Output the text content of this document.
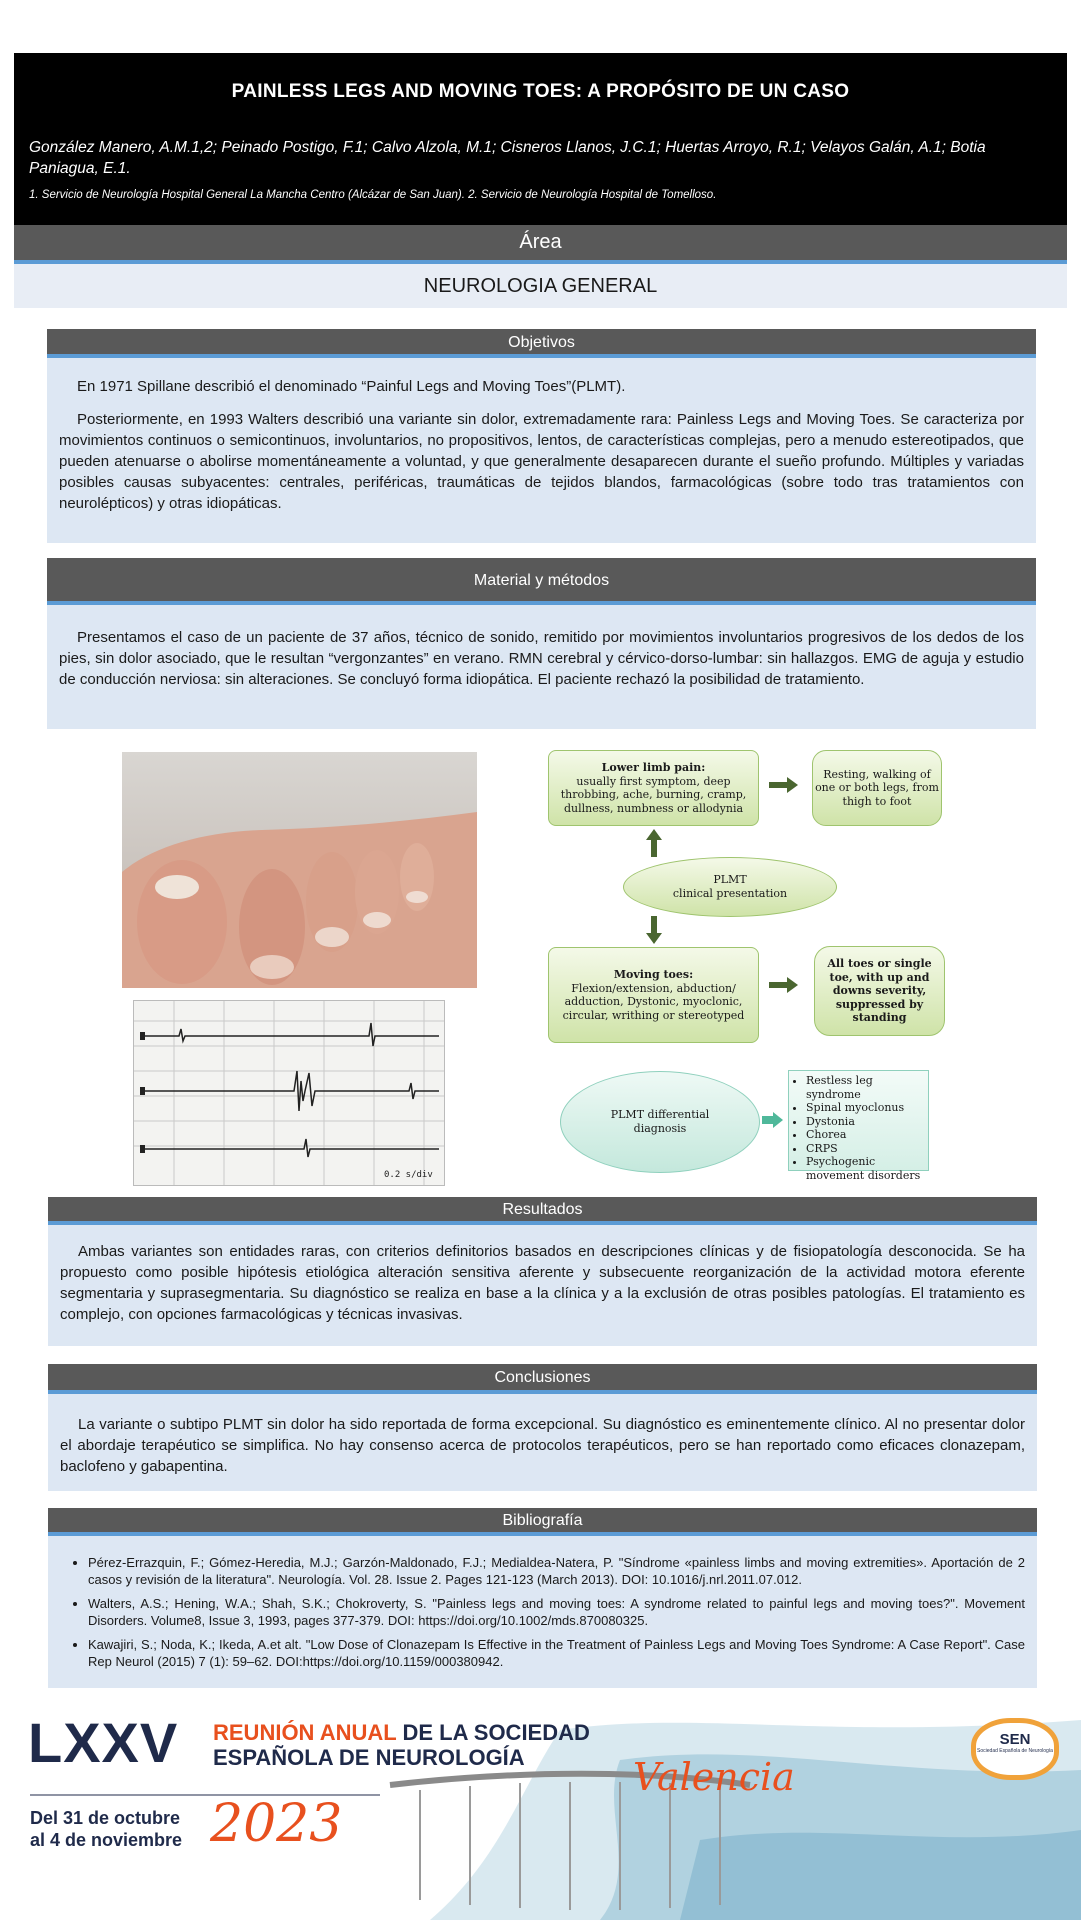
PAINLESS LEGS AND MOVING TOES: A PROPÓSITO DE UN CASO
González Manero, A.M.1,2; Peinado Postigo, F.1; Calvo Alzola, M.1; Cisneros Llanos, J.C.1; Huertas Arroyo, R.1; Velayos Galán, A.1; Botia Paniagua, E.1.
1. Servicio de Neurología Hospital General La Mancha Centro (Alcázar de San Juan). 2. Servicio de Neurología Hospital de Tomelloso.
Área
NEUROLOGIA GENERAL
Objetivos

En 1971 Spillane describió el denominado “Painful Legs and Moving Toes”(PLMT).

Posteriormente, en 1993 Walters describió una variante sin dolor, extremadamente rara: Painless Legs and Moving Toes. Se caracteriza por movimientos continuos o semicontinuos, involuntarios, no propositivos, lentos, de características complejas, pero a menudo estereotipados, que pueden atenuarse o abolirse momentáneamente a voluntad, y que generalmente desaparecen durante el sueño profundo. Múltiples y variadas posibles causas subyacentes: centrales, periféricas, traumáticas de tejidos blandos, farmacológicas (sobre todo tras tratamientos con neurolépticos) y otras idiopáticas.

Material y métodos

Presentamos el caso de un paciente de 37 años, técnico de sonido, remitido por movimientos involuntarios progresivos de los dedos de los pies, sin dolor asociado, que le resultan “vergonzantes” en verano. RMN cerebral y cérvico-dorso-lumbar: sin hallazgos. EMG de aguja y estudio de conducción nerviosa: sin alteraciones. Se concluyó forma idiopática. El paciente rechazó la posibilidad de tratamiento.

0.2 s/div
Lower limb pain:
usually first symptom, deep throbbing, ache, burning, cramp, dullness, numbness or allodynia
Resting, walking of one or both legs, from thigh to foot
PLMT
clinical presentation
Moving toes:
Flexion/extension, abduction/ adduction, Dystonic, myoclonic, circular, writhing or stereotyped
All toes or single toe, with up and downs severity, suppressed by standing
PLMT differential diagnosis
• Restless leg syndrome
• Spinal myoclonus
• Dystonia
• Chorea
• CRPS
• Psychogenic movement disorders
Resultados

Ambas variantes son entidades raras, con criterios definitorios basados en descripciones clínicas y de fisiopatología desconocida. Se ha propuesto como posible hipótesis etiológica alteración sensitiva aferente y subsecuente reorganización de la actividad motora eferente segmentaria y suprasegmentaria. Su diagnóstico se realiza en base a la clínica y a la exclusión de otras posibles patologías. El tratamiento es complejo, con opciones farmacológicas y técnicas invasivas.

Conclusiones

La variante o subtipo PLMT sin dolor ha sido reportada de forma excepcional. Su diagnóstico es eminentemente clínico. Al no presentar dolor el abordaje terapéutico se simplifica. No hay consenso acerca de protocolos terapéuticos, pero se han reportado como eficaces clonazepam, baclofeno y gabapentina.

Bibliografía
• Pérez-Errazquin, F.; Gómez-Heredia, M.J.; Garzón-Maldonado, F.J.; Medialdea-Natera, P. "Síndrome «painless limbs and moving extremities». Aportación de 2 casos y revisión de la literatura". Neurología. Vol. 28. Issue 2. Pages 121-123 (March 2013). DOI: 10.1016/j.nrl.2011.07.012.
• Walters, A.S.; Hening, W.A.; Shah, S.K.; Chokroverty, S. "Painless legs and moving toes: A syndrome related to painful legs and moving toes?". Movement Disorders. Volume8, Issue 3, 1993, pages 377-379. DOI: https://doi.org/10.1002/mds.870080325.
• Kawajiri, S.; Noda, K.; Ikeda, A.et alt. "Low Dose of Clonazepam Is Effective in the Treatment of Painless Legs and Moving Toes Syndrome: A Case Report". Case Rep Neurol (2015) 7 (1): 59–62. DOI:https://doi.org/10.1159/000380942.
LXXV REUNIÓN ANUAL DE LA SOCIEDAD
ESPAÑOLA DE NEUROLOGÍA
Del 31 de octubre
al 4 de noviembre 2023
Valencia
SEN
Sociedad Española de Neurología
